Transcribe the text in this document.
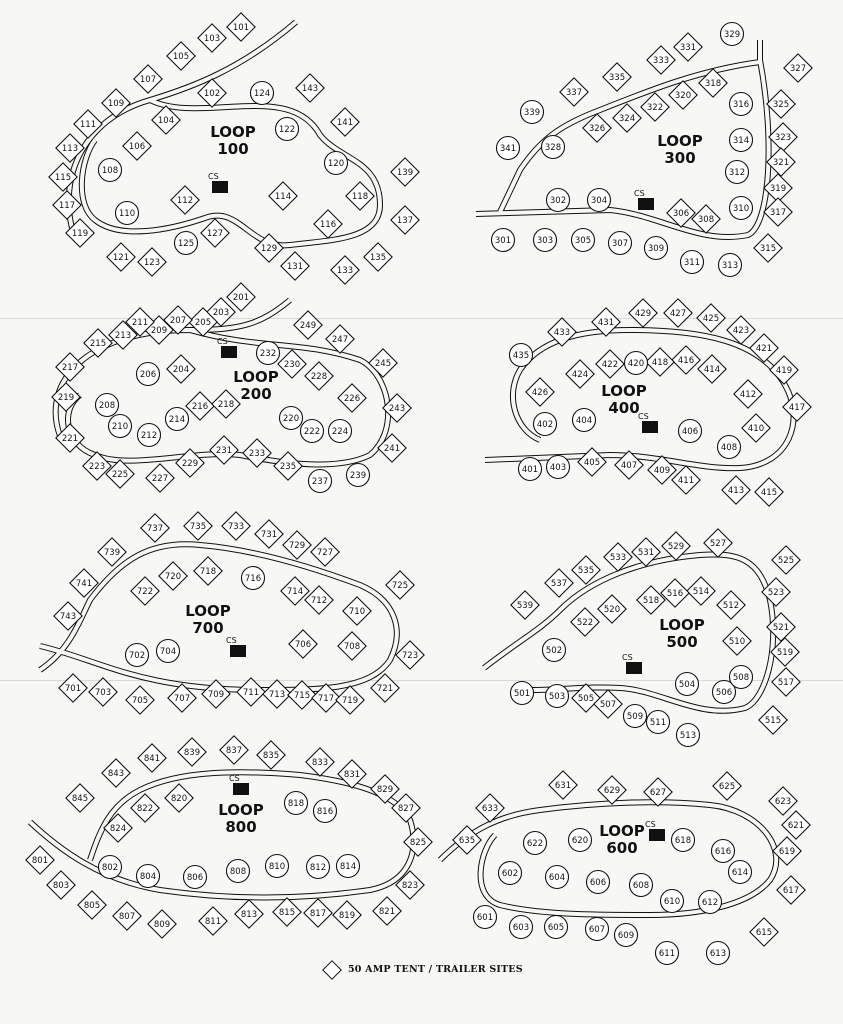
101
103
105
107
109
111
113
115
117
119
121 123
102
104
106
112	114
116
118
127
129
131	133
135
137
139
143
141
108
110
120
122
124
125
LOOP
100
CS
331
333
335
337
326
324
322
320
318
327
325
323
321
319
317
315
306
308
329
339
341	328
316
314
312
310
302	304
301	303	305 307 309
311	313
LOOP
300
CS
201
203
205
207
209
211
213
215
217
219
221
223
225	227
229
231 233
235
204
216 218
226
228
230
247
245
243
241
249
206
208
210
212
214	220
222 224
232
237
239
LOOP
200
CS
433
431
429 427 425
423
421
419
417
412
414
416
418
422
424
426
405 407 409
411
413 415
410
435
402	404
406
408
401 403
420
LOOP
400
CS
737	735	733
731
729
727
725
739
741
743
701 703
705	707 709 711 713 715 717 719
721
723
710
712
714
718
720
722
706	708
702 704
716
LOOP
700
CS
533 531
529	527
525
523
521
519
517
515
535
537
539
510
512
514
516
518
520
522
505
507
502
504
506
508
501 503
509
511
513
LOOP
500
CS
841
839	837 835
833
831
829
827
825
823
843
845
801
803
805
807
809	811
813	815 817 819	821
824
822
820
802
804	806
808	810	812 814
816
818
LOOP
800
CS
625
623
621
619
617
615
633
635
631	629	627
601
603 605	607
609
611	613
602	604	606	608
610	612
614
616
618
620
622
LOOP
600
CS
50 AMP TENT / TRAILER SITES
